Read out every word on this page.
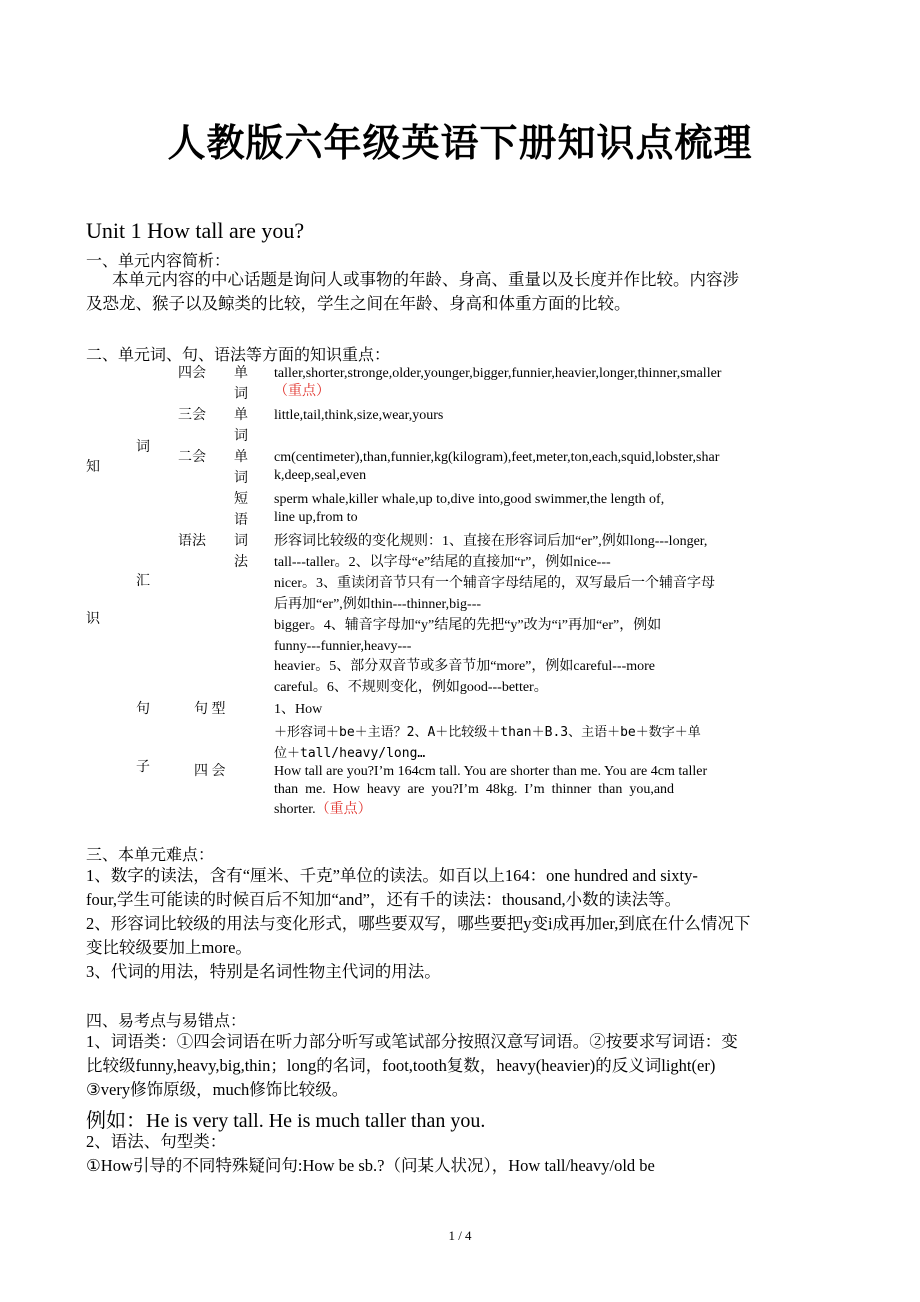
人教版六年级英语下册知识点梳理
Unit 1 How tall are you?
一、单元内容简析：
本单元内容的中心话题是询问人或事物的年龄、身高、重量以及长度并作比较。内容涉
及恐龙、猴子以及鲸类的比较，学生之间在年龄、身高和体重方面的比较。
二、单元词、句、语法等方面的知识重点：
知
识
词
汇
句
子
四会 单
词
taller,shorter,stronge,older,younger,bigger,funnier,heavier,longer,thinner,smaller
（重点）
三会 单
词
little,tail,think,size,wear,yours
二会 单
词
cm(centimeter),than,funnier,kg(kilogram),feet,meter,ton,each,squid,lobster,shar
k,deep,seal,even
短
语
sperm whale,killer whale,up to,dive into,good swimmer,the length of,
line up,from to
语法 词
法
形容词比较级的变化规则：1、直接在形容词后加“er”,例如long---longer,
tall---taller。2、以字母“e”结尾的直接加“r”，例如nice---
nicer。3、重读闭音节只有一个辅音字母结尾的，双写最后一个辅音字母
后再加“er”,例如thin---thinner,big---
bigger。4、辅音字母加“y”结尾的先把“y”改为“i”再加“er”，例如
funny---funnier,heavy---
heavier。5、部分双音节或多音节加“more”，例如careful---more
careful。6、不规则变化，例如good---better。
句 型	1、How
＋形容词＋be＋主语？2、A＋比较级＋than＋B.3、主语＋be＋数字＋单
位＋tall/heavy/long…
四 会	How tall are you?I’m 164cm tall. You are shorter than me. You are 4cm taller
than  me.  How  heavy  are  you?I’m  48kg.  I’m  thinner  than  you,and
shorter.（重点）
三、本单元难点：
1、数字的读法，含有“厘米、千克”单位的读法。如百以上164：one hundred and sixty-
four,学生可能读的时候百后不知加“and”，还有千的读法：thousand,小数的读法等。
2、形容词比较级的用法与变化形式，哪些要双写，哪些要把y变i成再加er,到底在什么情况下
变比较级要加上more。
3、代词的用法，特别是名词性物主代词的用法。
四、易考点与易错点：
1、词语类：①四会词语在听力部分听写或笔试部分按照汉意写词语。②按要求写词语：变
比较级funny,heavy,big,thin；long的名词，foot,tooth复数，heavy(heavier)的反义词light(er)
③very修饰原级，much修饰比较级。
例如：He is very tall. He is much taller than you.
2、语法、句型类：
①How引导的不同特殊疑问句:How be sb.?（问某人状况），How tall/heavy/old be
1 / 4
